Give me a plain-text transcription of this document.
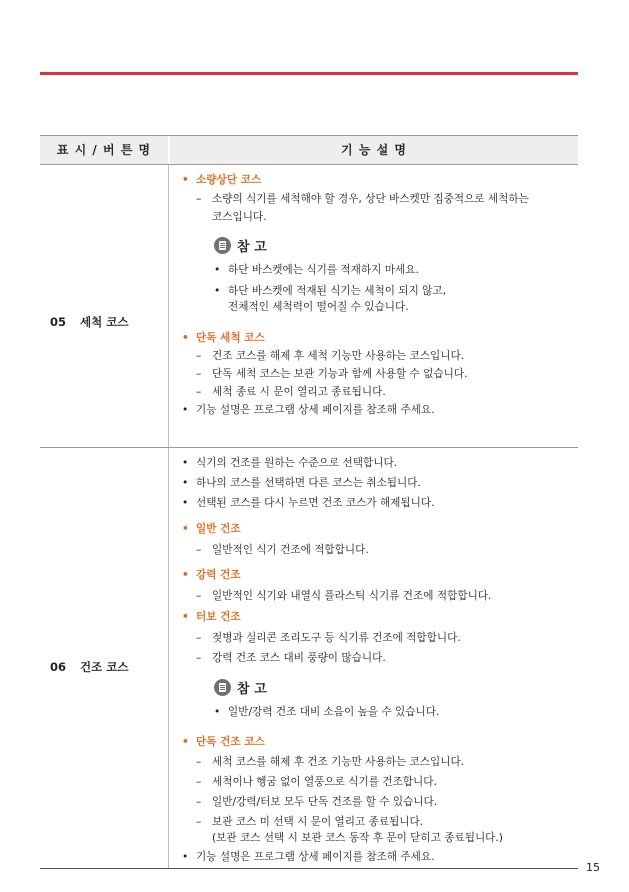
표 시 / 버 튼 명	기 능 설 명
05 세척 코스
• 소량상단 코스
– 소량의 식기를 세척해야 할 경우, 상단 바스켓만 집중적으로 세척하는
코스입니다.
참 고
• 하단 바스켓에는 식기를 적재하지 마세요.
• 하단 바스켓에 적재된 식기는 세척이 되지 않고,
전체적인 세척력이 떨어질 수 있습니다.
• 단독 세척 코스
– 건조 코스를 해제 후 세척 기능만 사용하는 코스입니다.
– 단독 세척 코스는 보관 기능과 함께 사용할 수 없습니다.
– 세척 종료 시 문이 열리고 종료됩니다.
• 기능 설명은 프로그램 상세 페이지를 참조해 주세요.
06 건조 코스
• 식기의 건조를 원하는 수준으로 선택합니다.
• 하나의 코스를 선택하면 다른 코스는 취소됩니다.
• 선택된 코스를 다시 누르면 건조 코스가 해제됩니다.
• 일반 건조
– 일반적인 식기 건조에 적합합니다.
• 강력 건조
– 일반적인 식기와 내열식 플라스틱 식기류 건조에 적합합니다.
• 터보 건조
– 젖병과 실리콘 조리도구 등 식기류 건조에 적합합니다.
– 강력 건조 코스 대비 풍량이 많습니다.
참 고
• 일반/강력 건조 대비 소음이 높을 수 있습니다.
• 단독 건조 코스
– 세척 코스를 해제 후 건조 기능만 사용하는 코스입니다.
– 세척이나 헹굼 없이 열풍으로 식기를 건조합니다.
– 일반/강력/터보 모두 단독 건조를 할 수 있습니다.
– 보관 코스 미 선택 시 문이 열리고 종료됩니다.
(보관 코스 선택 시 보관 코스 동작 후 문이 닫히고 종료됩니다.)
• 기능 설명은 프로그램 상세 페이지를 참조해 주세요.
15
